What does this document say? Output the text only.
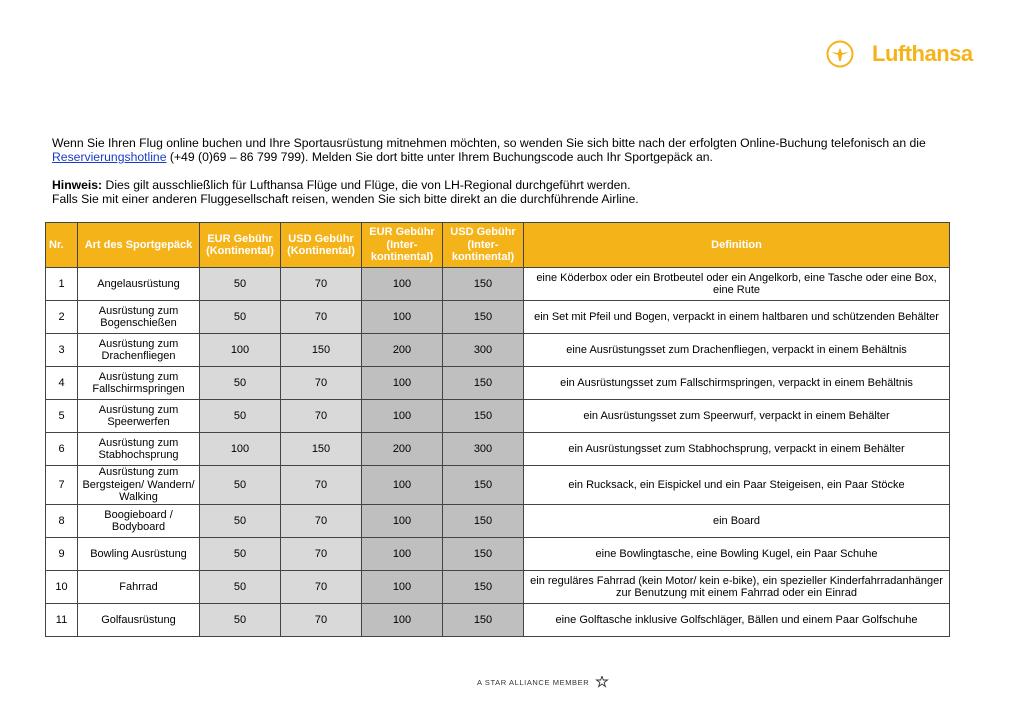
Lufthansa

Wenn Sie Ihren Flug online buchen und Ihre Sportausrüstung mitnehmen möchten, so wenden Sie sich bitte nach der erfolgten Online-Buchung telefonisch an die
Reservierungshotline (+49 (0)69 – 86 799 799). Melden Sie dort bitte unter Ihrem Buchungscode auch Ihr Sportgepäck an.

Hinweis: Dies gilt ausschließlich für Lufthansa Flüge und Flüge, die von LH-Regional durchgeführt werden.
Falls Sie mit einer anderen Fluggesellschaft reisen, wenden Sie sich bitte direkt an die durchführende Airline.

Nr.	Art des Sportgepäck	EUR Gebühr (Kontinental)	USD Gebühr (Kontinental)	EUR Gebühr (Inter-kontinental)	USD Gebühr (Inter-kontinental)	Definition
1	Angelausrüstung	50	70	100	150	eine Köderbox oder ein Brotbeutel oder ein Angelkorb, eine Tasche oder eine Box, eine Rute
2	Ausrüstung zum Bogenschießen	50	70	100	150	ein Set mit Pfeil und Bogen, verpackt in einem haltbaren und schützenden Behälter
3	Ausrüstung zum Drachenfliegen	100	150	200	300	eine Ausrüstungsset zum Drachenfliegen, verpackt in einem Behältnis
4	Ausrüstung zum Fallschirmspringen	50	70	100	150	ein Ausrüstungsset zum Fallschirmspringen, verpackt in einem Behältnis
5	Ausrüstung zum Speerwerfen	50	70	100	150	ein Ausrüstungsset zum Speerwurf, verpackt in einem Behälter
6	Ausrüstung zum Stabhochsprung	100	150	200	300	ein Ausrüstungsset zum Stabhochsprung, verpackt in einem Behälter
7	Ausrüstung zum Bergsteigen/ Wandern/ Walking	50	70	100	150	ein Rucksack, ein Eispickel und ein Paar Steigeisen, ein Paar Stöcke
8	Boogieboard / Bodyboard	50	70	100	150	ein Board
9	Bowling Ausrüstung	50	70	100	150	eine Bowlingtasche, eine Bowling Kugel, ein Paar Schuhe
10	Fahrrad	50	70	100	150	ein reguläres Fahrrad (kein Motor/ kein e-bike), ein spezieller Kinderfahrradanhänger zur Benutzung mit einem Fahrrad oder ein Einrad
11	Golfausrüstung	50	70	100	150	eine Golftasche inklusive Golfschläger, Bällen und einem Paar Golfschuhe
A STAR ALLIANCE MEMBER
